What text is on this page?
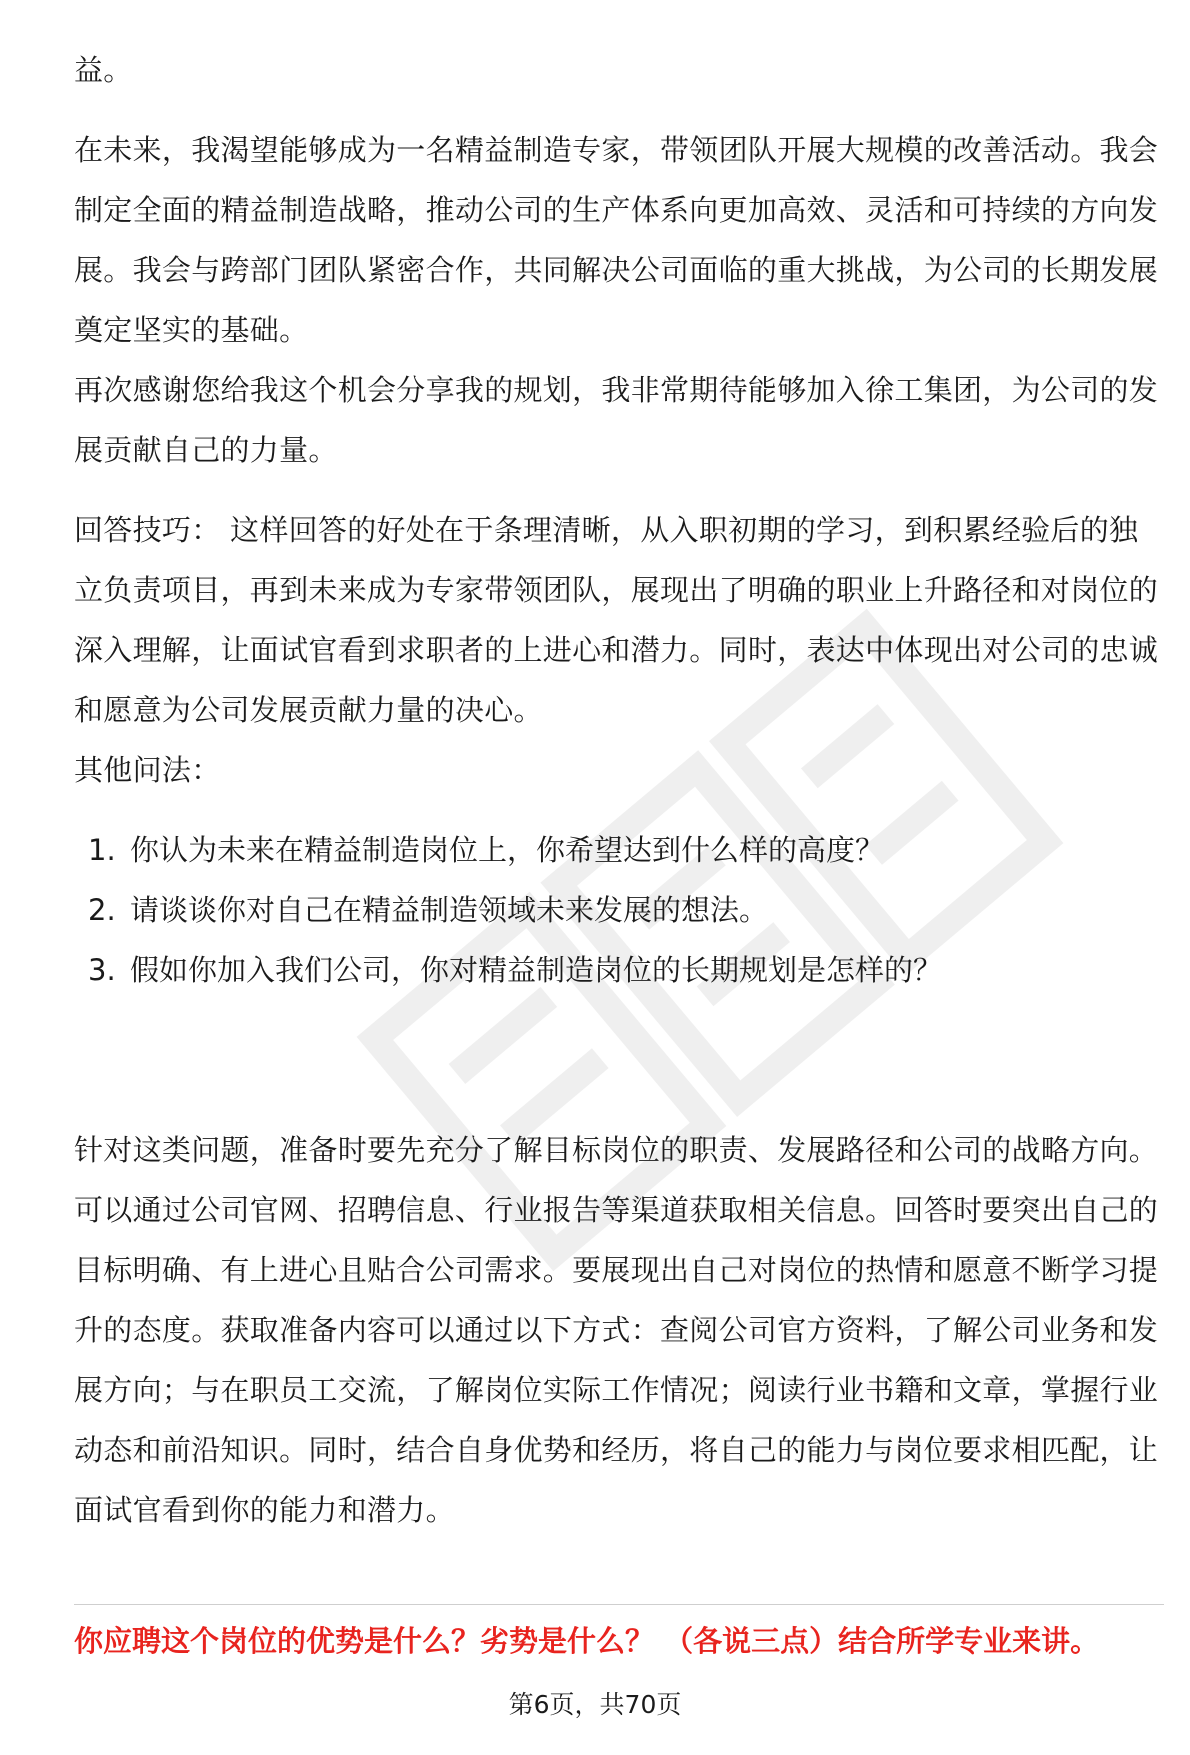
益。

在未来，我渴望能够成为一名精益制造专家，带领团队开展大规模的改善活动。我会制定全面的精益制造战略，推动公司的生产体系向更加高效、灵活和可持续的方向发展。我会与跨部门团队紧密合作，共同解决公司面临的重大挑战，为公司的长期发展奠定坚实的基础。

再次感谢您给我这个机会分享我的规划，我非常期待能够加入徐工集团，为公司的发展贡献自己的力量。

回答技巧： 这样回答的好处在于条理清晰，从入职初期的学习，到积累经验后的独立负责项目，再到未来成为专家带领团队，展现出了明确的职业上升路径和对岗位的深入理解，让面试官看到求职者的上进心和潜力。同时，表达中体现出对公司的忠诚和愿意为公司发展贡献力量的决心。

其他问法：

1. 你认为未来在精益制造岗位上，你希望达到什么样的高度？
2. 请谈谈你对自己在精益制造领域未来发展的想法。
3. 假如你加入我们公司，你对精益制造岗位的长期规划是怎样的？

针对这类问题，准备时要先充分了解目标岗位的职责、发展路径和公司的战略方向。可以通过公司官网、招聘信息、行业报告等渠道获取相关信息。回答时要突出自己的目标明确、有上进心且贴合公司需求。要展现出自己对岗位的热情和愿意不断学习提升的态度。获取准备内容可以通过以下方式：查阅公司官方资料，了解公司业务和发展方向；与在职员工交流，了解岗位实际工作情况；阅读行业书籍和文章，掌握行业动态和前沿知识。同时，结合自身优势和经历，将自己的能力与岗位要求相匹配，让面试官看到你的能力和潜力。

你应聘这个岗位的优势是什么？劣势是什么？ （各说三点）结合所学专业来讲。

第6页，共70页
